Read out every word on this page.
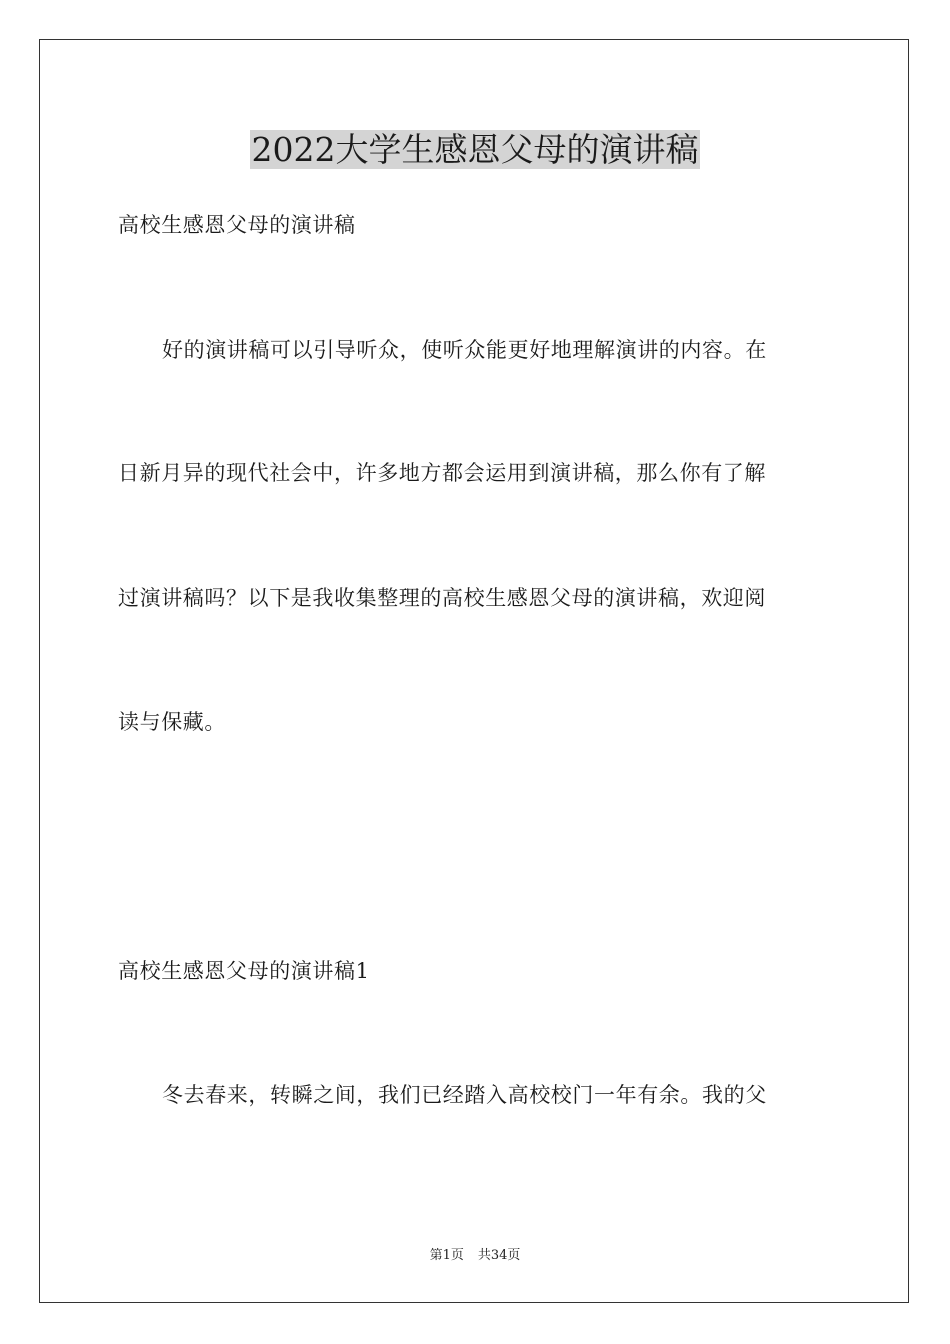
2022大学生感恩父母的演讲稿

高校生感恩父母的演讲稿

好的演讲稿可以引导听众，使听众能更好地理解演讲的内容。在

日新月异的现代社会中，许多地方都会运用到演讲稿，那么你有了解

过演讲稿吗？以下是我收集整理的高校生感恩父母的演讲稿，欢迎阅

读与保藏。

高校生感恩父母的演讲稿1

冬去春来，转瞬之间，我们已经踏入高校校门一年有余。我的父

第1页 共34页
